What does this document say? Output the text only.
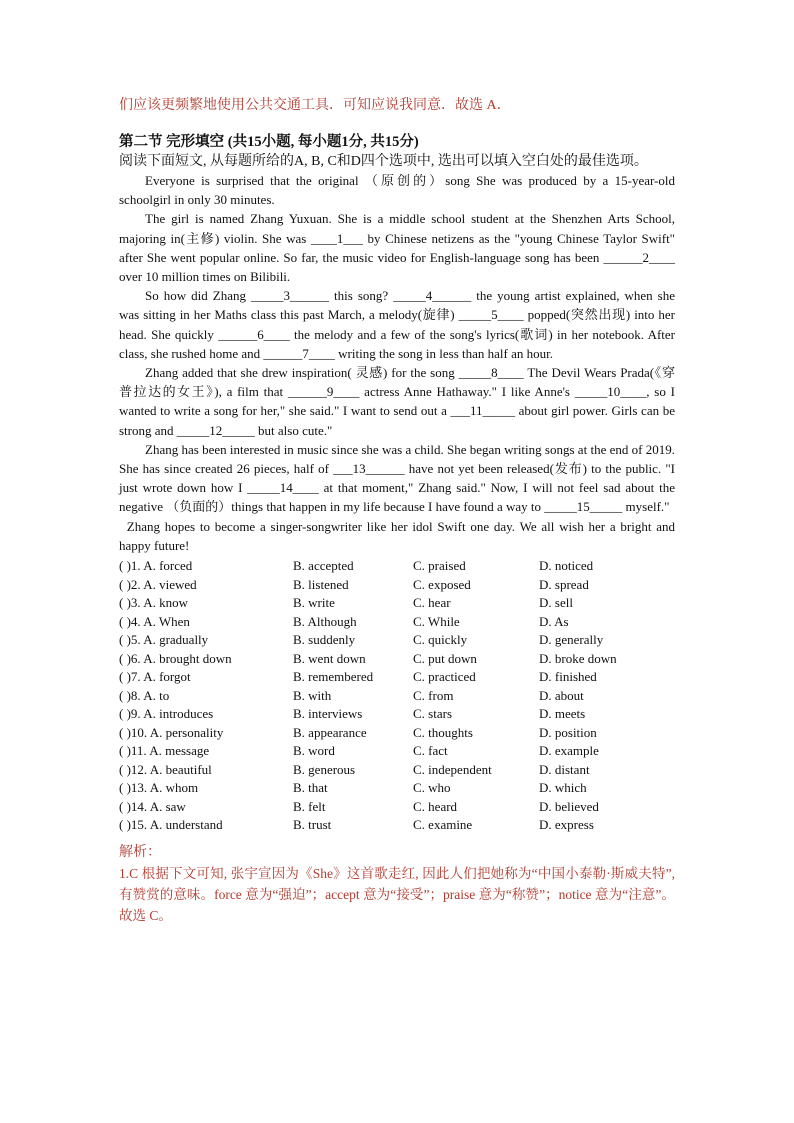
们应该更频繁地使用公共交通工具．可知应说我同意．故选 A．

第二节 完形填空 (共15小题, 每小题1分, 共15分)

阅读下面短文, 从每题所给的A, B, C和D四个选项中, 选出可以填入空白处的最佳选项。

Everyone is surprised that the original （原创的）song She was produced by a 15-year-old schoolgirl in only 30 minutes.

The girl is named Zhang Yuxuan. She is a middle school student at the Shenzhen Arts School, majoring in(主修) violin. She was ____1___ by Chinese netizens as the "young Chinese Taylor Swift" after She went popular online. So far, the music video for English-language song has been ______2____ over 10 million times on Bilibili.

So how did Zhang _____3______ this song? _____4______ the young artist explained, when she was sitting in her Maths class this past March, a melody(旋律) _____5____ popped(突然出现) into her head. She quickly ______6____ the melody and a few of the song's lyrics(歌词) in her notebook. After class, she rushed home and ______7____ writing the song in less than half an hour.

Zhang added that she drew inspiration( 灵感) for the song _____8____ The Devil Wears Prada(《穿普拉达的女王》), a film that ______9____ actress Anne Hathaway." I like Anne's _____10____, so I wanted to write a song for her," she said." I want to send out a ___11_____ about girl power. Girls can be strong and _____12_____ but also cute."

Zhang has been interested in music since she was a child. She began writing songs at the end of 2019. She has since created 26 pieces, half of ___13______ have not yet been released(发布) to the public. "I just wrote down how I _____14____ at that moment," Zhang said." Now, I will not feel sad about the negative （负面的）things that happen in my life because I have found a way to _____15_____ myself."

Zhang hopes to become a singer-songwriter like her idol Swift one day. We all wish her a bright and happy future!

( )1. A. forced	B. accepted	C. praised	D. noticed
( )2. A. viewed	B. listened	C. exposed	D. spread
( )3. A. know	B. write	C. hear	D. sell
( )4. A. When	B. Although	C. While	D. As
( )5. A. gradually	B. suddenly	C. quickly	D. generally
( )6. A. brought down	B. went down	C. put down	D. broke down
( )7. A. forgot	B. remembered	C. practiced	D. finished
( )8. A. to	B. with	C. from	D. about
( )9. A. introduces	B. interviews	C. stars	D. meets
( )10. A. personality	B. appearance	C. thoughts	D. position
( )11. A. message	B. word	C. fact	D. example
( )12. A. beautiful	B. generous	C. independent	D. distant
( )13. A. whom	B. that	C. who	D. which
( )14. A. saw	B. felt	C. heard	D. believed
( )15. A. understand	B. trust	C. examine	D. express

解析：

1.C 根据下文可知, 张宇宣因为《She》这首歌走红, 因此人们把她称为“中国小泰勒·斯威夫特”, 有赞赏的意味。force 意为“强迫”；accept 意为“接受”；praise 意为“称赞”；notice 意为“注意”。故选 C。
